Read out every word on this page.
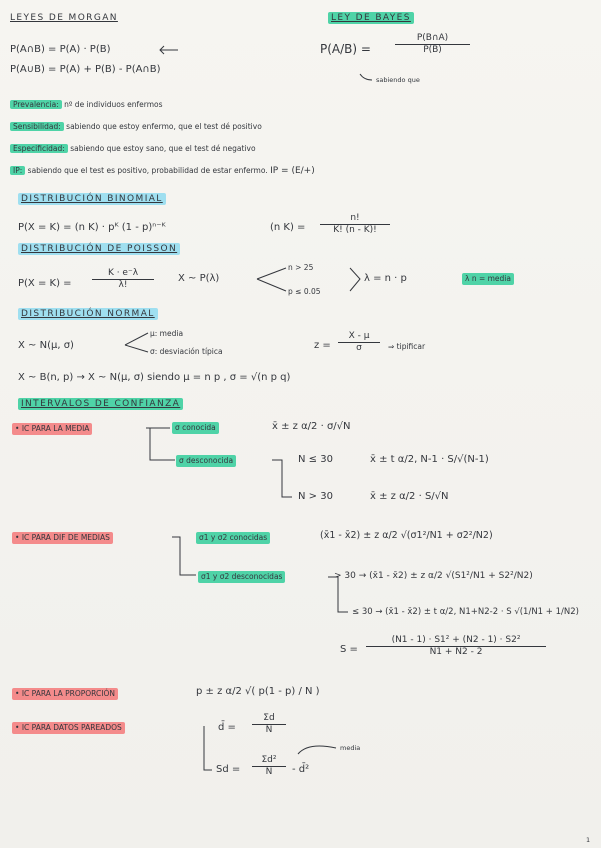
LEYES DE MORGAN
P(A∩B) = P(A) · P(B)
P(A∪B) = P(A) + P(B) - P(A∩B)
LEY DE BAYES
P(A/B) =	$\frac{P(B\cap A)}{P(B)}$
sabiendo que
Prevalencia: nº de individuos enfermos
Sensibilidad: sabiendo que estoy enfermo, que el test dé positivo
Especificidad: sabiendo que estoy sano, que el test dé negativo
IP: sabiendo que el test es positivo, probabilidad de estar enfermo. IP = (E/+)
DISTRIBUCIÓN BINOMIAL
P(X = K) = (n K) · pᴷ (1 - p)ⁿ⁻ᴷ	(n $K) = \frac{n!}{K! (n - K)!}$
DISTRIBUCIÓN DE POISSON
$P(X = K) = \frac{K \cdot e^-\lambda}{\lambda!}$ X ~ P(λ)
n > 25
p ≤ 0.05
λ = n · p	λ n = media
DISTRIBUCIÓN NORMAL
X ~ N(μ, σ)
μ: media
σ: desviación típica
$z = \frac{X - \mu}{\sigma}$ ⇒ tipificar
X ~ B(n, p) → X ~ N(μ, σ) siendo μ = n p , σ = √(n p q)
INTERVALOS DE CONFIANZA
• IC PARA LA MEDIA	σ conocida	x̄ ± z α/2 · σ/√N
σ desconocida	N ≤ 30	x̄ ± t α/2, N-1 · S/√(N-1)
N > 30	x̄ ± z α/2 · S/√N
• IC PARA DIF DE MEDIAS	σ1 y σ2 conocidas	(x̄1 - x̄2) ± z α/2 √(σ1²/N1 + σ2²/N2)
σ1 y σ2 desconocidas	> 30 → (x̄1 - x̄2) ± z α/2 √(S1²/N1 + S2²/N2)
≤ 30 → (x̄1 - x̄2) ± t α/2, N1+N2-2 · S √(1/N1 + 1/N2)
$S = \frac{\text{(N1 - 1) · S1² + (N2 - 1) · S2²}}{N1 + N2 - 2}$
• IC PARA LA PROPORCIÓN	p ± z α/2 √( p(1 - p) / N )
• IC PARA DATOS PAREADOS	d̄ = $\frac{\Sigma d}{N}$
$Sd = \frac{\text{Σd²}}{N}$ - d̄²
media
1
